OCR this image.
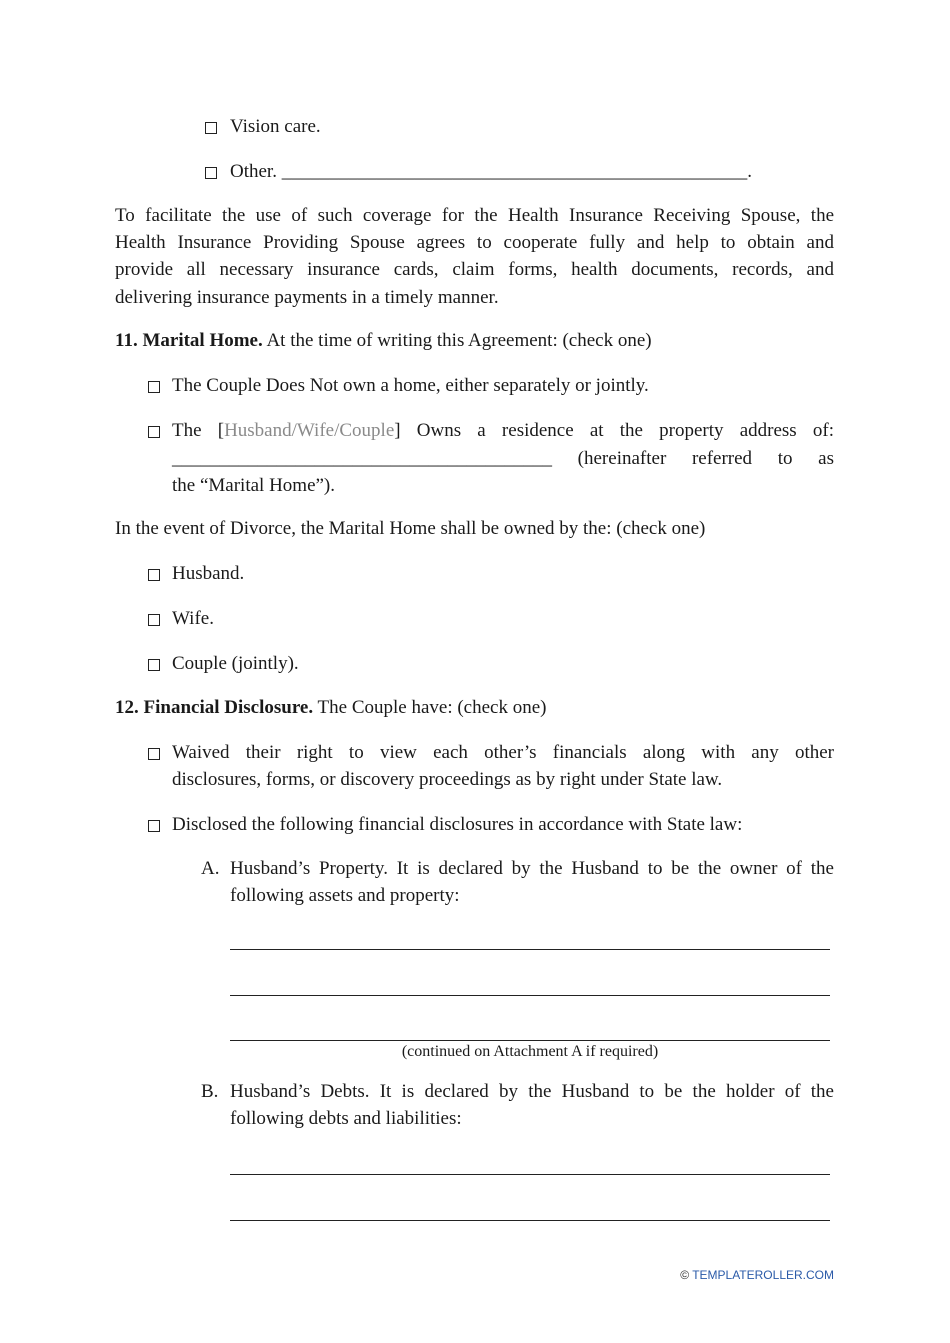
Vision care.
Other. _________________________________________________.
To facilitate the use of such coverage for the Health Insurance Receiving Spouse, the
Health Insurance Providing Spouse agrees to cooperate fully and help to obtain and
provide all necessary insurance cards, claim forms, health documents, records, and
delivering insurance payments in a timely manner.
11. Marital Home. At the time of writing this Agreement: (check one)
The Couple Does Not own a home, either separately or jointly.
The [Husband/Wife/Couple] Owns a residence at the property address of:
________________________________________ (hereinafter referred to as
the “Marital Home”).
In the event of Divorce, the Marital Home shall be owned by the: (check one)
Husband.
Wife.
Couple (jointly).
12. Financial Disclosure. The Couple have: (check one)
Waived their right to view each other’s financials along with any other
disclosures, forms, or discovery proceedings as by right under State law.
Disclosed the following financial disclosures in accordance with State law:
A. Husband’s Property. It is declared by the Husband to be the owner of the
following assets and property:
(continued on Attachment A if required)
B. Husband’s Debts. It is declared by the Husband to be the holder of the
following debts and liabilities:
© TEMPLATEROLLER.COM
